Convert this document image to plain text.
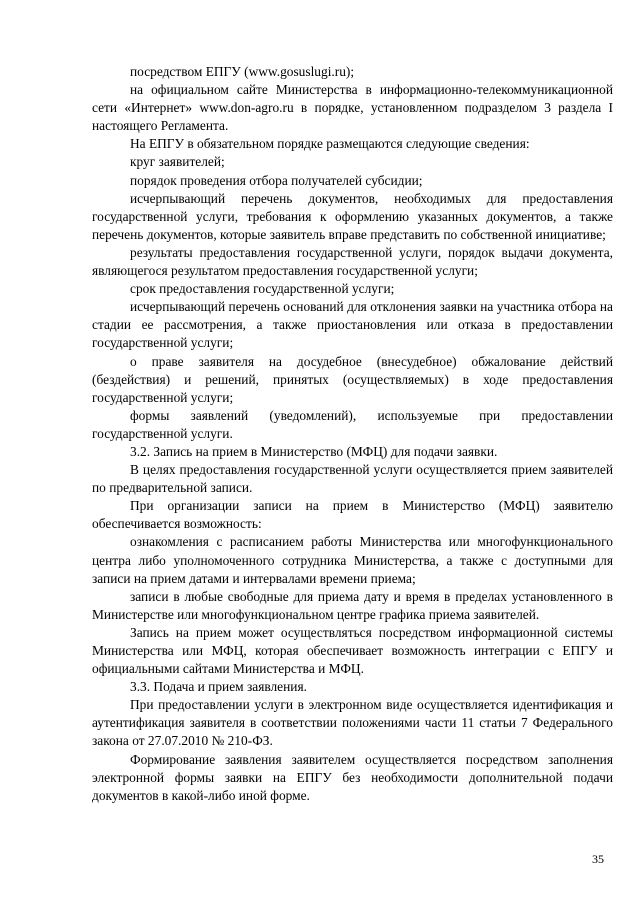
посредством ЕПГУ (www.gosuslugi.ru);

на официальном сайте Министерства в информационно-телекоммуникационной сети «Интернет» www.don-agro.ru в порядке, установленном подразделом 3 раздела I настоящего Регламента.

На ЕПГУ в обязательном порядке размещаются следующие сведения:

круг заявителей;

порядок проведения отбора получателей субсидии;

исчерпывающий перечень документов, необходимых для предоставления государственной услуги, требования к оформлению указанных документов, а также перечень документов, которые заявитель вправе представить по собственной инициативе;

результаты предоставления государственной услуги, порядок выдачи документа, являющегося результатом предоставления государственной услуги;

срок предоставления государственной услуги;

исчерпывающий перечень оснований для отклонения заявки на участника отбора на стадии ее рассмотрения, а также приостановления или отказа в предоставлении государственной услуги;

о праве заявителя на досудебное (внесудебное) обжалование действий (бездействия) и решений, принятых (осуществляемых) в ходе предоставления государственной услуги;

формы заявлений (уведомлений), используемые при предоставлении государственной услуги.

3.2. Запись на прием в Министерство (МФЦ) для подачи заявки.

В целях предоставления государственной услуги осуществляется прием заявителей по предварительной записи.

При организации записи на прием в Министерство (МФЦ) заявителю обеспечивается возможность:

ознакомления с расписанием работы Министерства или многофункционального центра либо уполномоченного сотрудника Министерства, а также с доступными для записи на прием датами и интервалами времени приема;

записи в любые свободные для приема дату и время в пределах установленного в Министерстве или многофункциональном центре графика приема заявителей.

Запись на прием может осуществляться посредством информационной системы Министерства или МФЦ, которая обеспечивает возможность интеграции с ЕПГУ и официальными сайтами Министерства и МФЦ.

3.3. Подача и прием заявления.

При предоставлении услуги в электронном виде осуществляется идентификация и аутентификация заявителя в соответствии положениями части 11 статьи 7 Федерального закона от 27.07.2010 № 210-ФЗ.

Формирование заявления заявителем осуществляется посредством заполнения электронной формы заявки на ЕПГУ без необходимости дополнительной подачи документов в какой-либо иной форме.

35
